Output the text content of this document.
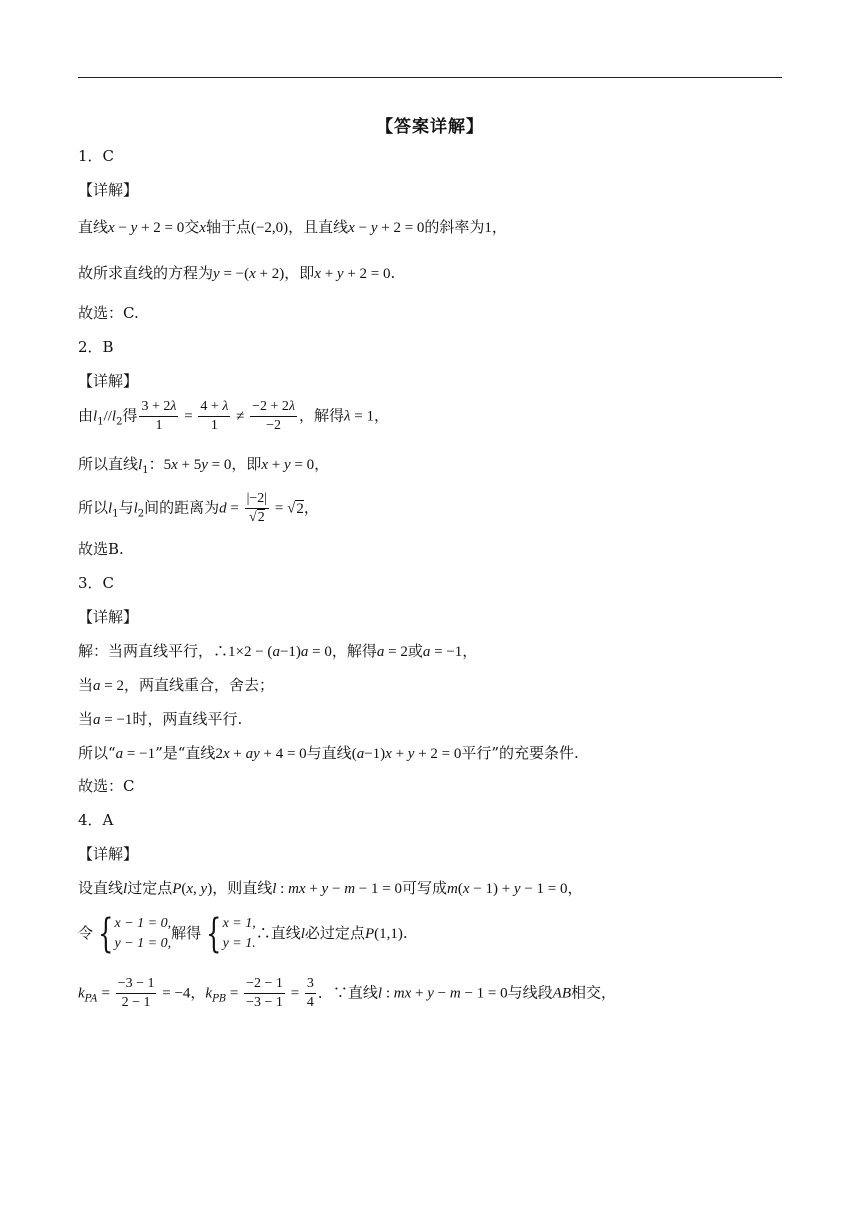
【答案详解】
1．C
【详解】
直线x − y + 2 = 0交x轴于点(−2,0)，且直线x − y + 2 = 0的斜率为1，
故所求直线的方程为y = −(x + 2)，即x + y + 2 = 0.
故选：C.
2．B
【详解】
由$l_1//l_2$得 $\frac{3 + 2\lambda}{1} = \frac{4 + \lambda}{1} \ne \frac{-2 + 2\lambda}{-2}$ ，解得λ = 1，
所以直线$l_1$：5x + 5y = 0，即x + y = 0，
所以$l_1$与$l_2$间的距离为$d = \frac{|-2|}{√2} = √2$，
故选B.
3．C
【详解】
解：当两直线平行，∴1×2 − (a−1)a = 0，解得a = 2或a = −1，
当a = 2，两直线重合，舍去；
当a = −1时，两直线平行.
所以“a = −1”是“直线2x + ay + 4 = 0与直线(a−1)x + y + 2 = 0平行”的充要条件.
故选：C
4．A
【详解】
设直线l过定点P(x, y)，则直线l : mx + y − m − 1 = 0可写成m(x − 1) + y − 1 = 0，
令 { x − 1 = 0,
y − 1 = 0,
解得 { x = 1,
y = 1.
∴直线l必过定点P(1,1).
$k_{PA} = \frac{-3 - 1}{2 - 1} = -4$，$k_{PB} = \frac{-2 - 1}{-3 - 1} = \frac{3}{4}$ ．∵直线l : mx + y − m − 1 = 0与线段AB相交，
